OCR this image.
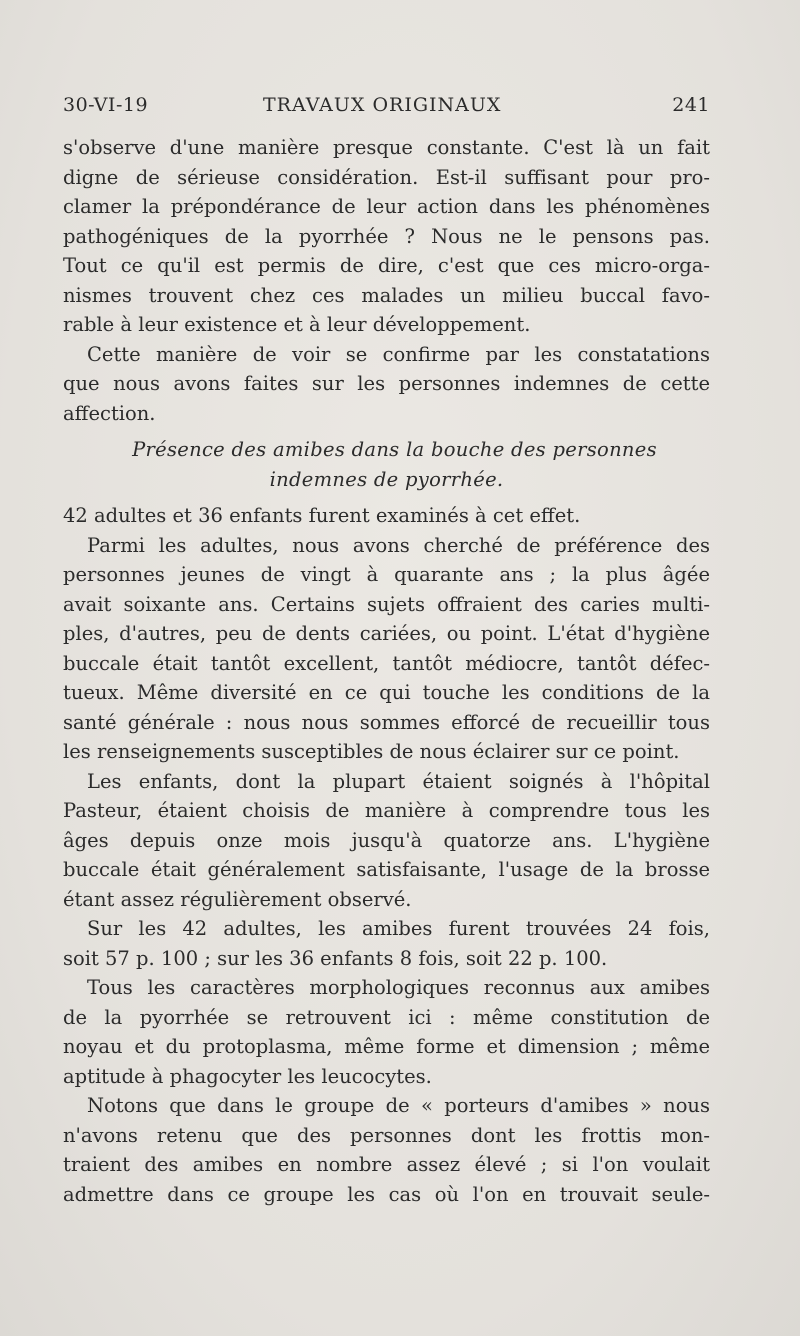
30-VI-19	TRAVAUX ORIGINAUX	241
s'observe d'une manière presque constante. C'est là un fait
digne de sérieuse considération. Est-il suffisant pour pro-
clamer la prépondérance de leur action dans les phénomènes
pathogéniques de la pyorrhée ? Nous ne le pensons pas.
Tout ce qu'il est permis de dire, c'est que ces micro-orga-
nismes trouvent chez ces malades un milieu buccal favo-
rable à leur existence et à leur développement.
Cette manière de voir se confirme par les constatations
que nous avons faites sur les personnes indemnes de cette
affection.
Présence des amibes dans la bouche des personnes
indemnes de pyorrhée.
42 adultes et 36 enfants furent examinés à cet effet.
Parmi les adultes, nous avons cherché de préférence des
personnes jeunes de vingt à quarante ans ; la plus âgée
avait soixante ans. Certains sujets offraient des caries multi-
ples, d'autres, peu de dents cariées, ou point. L'état d'hygiène
buccale était tantôt excellent, tantôt médiocre, tantôt défec-
tueux. Même diversité en ce qui touche les conditions de la
santé générale : nous nous sommes efforcé de recueillir tous
les renseignements susceptibles de nous éclairer sur ce point.
Les enfants, dont la plupart étaient soignés à l'hôpital
Pasteur, étaient choisis de manière à comprendre tous les
âges depuis onze mois jusqu'à quatorze ans. L'hygiène
buccale était généralement satisfaisante, l'usage de la brosse
étant assez régulièrement observé.
Sur les 42 adultes, les amibes furent trouvées 24 fois,
soit 57 p. 100 ; sur les 36 enfants 8 fois, soit 22 p. 100.
Tous les caractères morphologiques reconnus aux amibes
de la pyorrhée se retrouvent ici : même constitution de
noyau et du protoplasma, même forme et dimension ; même
aptitude à phagocyter les leucocytes.
Notons que dans le groupe de « porteurs d'amibes » nous
n'avons retenu que des personnes dont les frottis mon-
traient des amibes en nombre assez élevé ; si l'on voulait
admettre dans ce groupe les cas où l'on en trouvait seule-
